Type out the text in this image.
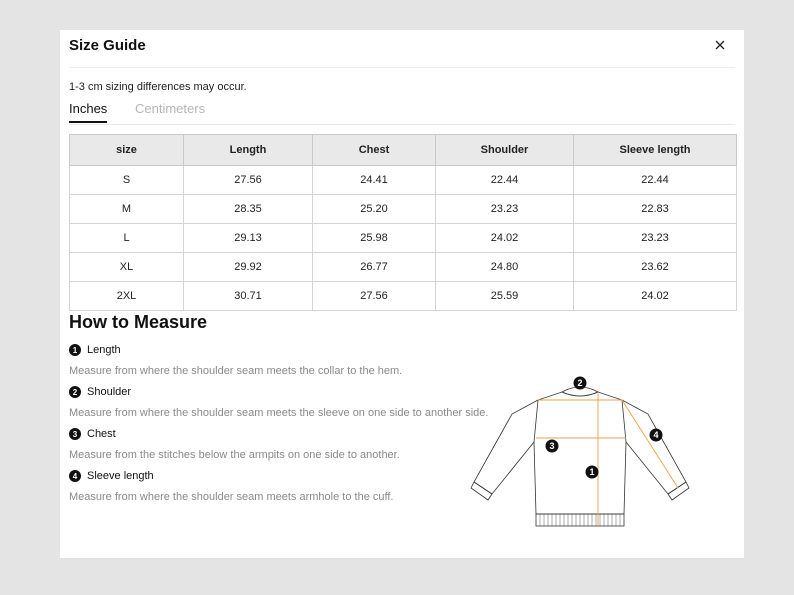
Size Guide
1-3 cm sizing differences may occur.
Inches Centimeters
size	Length	Chest	Shoulder	Sleeve length
S	27.56	24.41	22.44	22.44
M	28.35	25.20	23.23	22.83
L	29.13	25.98	24.02	23.23
XL	29.92	26.77	24.80	23.62
2XL	30.71	27.56	25.59	24.02
How to Measure
1 Length
Measure from where the shoulder seam meets the collar to the hem.
2 Shoulder
Measure from where the shoulder seam meets the sleeve on one side to another side.
3 Chest
Measure from the stitches below the armpits on one side to another.
4 Sleeve length
Measure from where the shoulder seam meets armhole to the cuff.
1
2
3
4
